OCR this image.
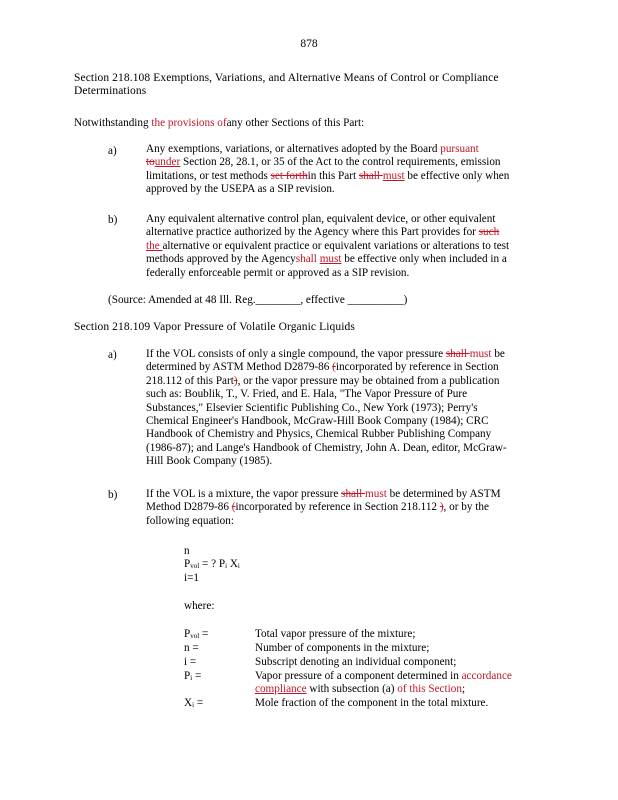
878
Section 218.108 Exemptions, Variations, and Alternative Means of Control or Compliance
Determinations
Notwithstanding the provisions ofany other Sections of this Part:
a)	Any exemptions, variations, or alternatives adopted by the Board pursuant
tounder Section 28, 28.1, or 35 of the Act to the control requirements, emission
limitations, or test methods set forthin this Part shall must be effective only when
approved by the USEPA as a SIP revision.
b)	Any equivalent alternative control plan, equivalent device, or other equivalent
alternative practice authorized by the Agency where this Part provides for such
the alternative or equivalent practice or equivalent variations or alterations to test
methods approved by the Agencyshall must be effective only when included in a
federally enforceable permit or approved as a SIP revision.
(Source: Amended at 48 Ill. Reg.________, effective __________)
Section 218.109 Vapor Pressure of Volatile Organic Liquids
a)	If the VOL consists of only a single compound, the vapor pressure shall must be
determined by ASTM Method D2879-86 (incorporated by reference in Section
218.112 of this Part), or the vapor pressure may be obtained from a publication
such as: Boublik, T., V. Fried, and E. Hala, "The Vapor Pressure of Pure
Substances," Elsevier Scientific Publishing Co., New York (1973); Perry's
Chemical Engineer's Handbook, McGraw-Hill Book Company (1984); CRC
Handbook of Chemistry and Physics, Chemical Rubber Publishing Company
(1986-87); and Lange's Handbook of Chemistry, John A. Dean, editor, McGraw-
Hill Book Company (1985).
b)	If the VOL is a mixture, the vapor pressure shall must be determined by ASTM
Method D2879-86 (incorporated by reference in Section 218.112 ), or by the
following equation:
n
$P_{vol}$ = ? $P_i$ $X_i$
i=1
where:
$P_{vol}$ =	Total vapor pressure of the mixture;
n =	Number of components in the mixture;
i =	Subscript denoting an individual component;
$P_i$ =	Vapor pressure of a component determined in accordance
compliance with subsection (a) of this Section;
$X_i$ =	Mole fraction of the component in the total mixture.
